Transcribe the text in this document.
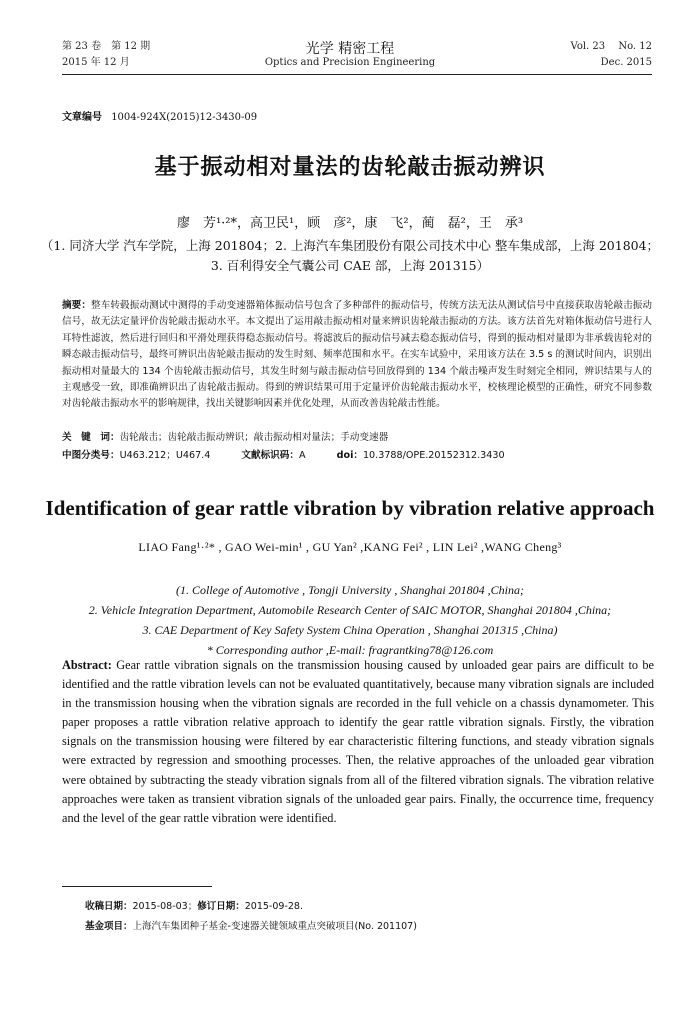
第 23 卷　第 12 期
2015 年 12 月
光学 精密工程
Optics and Precision Engineering
Vol. 23　 No. 12
Dec. 2015
文章编号 1004-924X(2015)12-3430-09
基于振动相对量法的齿轮敲击振动辨识
廖　芳¹·²*，高卫民¹，顾　彦²，康　飞²，蔺　磊²，王　承³
（1. 同济大学 汽车学院，上海 201804；2. 上海汽车集团股份有限公司技术中心 整车集成部，上海 201804；
3. 百利得安全气囊公司 CAE 部，上海 201315）
摘要：整车转毂振动测试中测得的手动变速器箱体振动信号包含了多种部件的振动信号，传统方法无法从测试信号中直接获取齿轮敲击振动信号，故无法定量评价齿轮敲击振动水平。本文提出了运用敲击振动相对量来辨识齿轮敲击振动的方法。该方法首先对箱体振动信号进行人耳特性滤波，然后进行回归和平滑处理获得稳态振动信号。将滤波后的振动信号减去稳态振动信号，得到的振动相对量即为非承载齿轮对的瞬态敲击振动信号，最终可辨识出齿轮敲击振动的发生时刻、频率范围和水平。在实车试验中，采用该方法在 3.5 s 的测试时间内，识别出振动相对量最大的 134 个齿轮敲击振动信号，其发生时刻与敲击振动信号回放得到的 134 个敲击噪声发生时刻完全相同，辨识结果与人的主观感受一致，即准确辨识出了齿轮敲击振动。得到的辨识结果可用于定量评价齿轮敲击振动水平，校核理论模型的正确性，研究不同参数对齿轮敲击振动水平的影响规律，找出关键影响因素并优化处理，从而改善齿轮敲击性能。
关　键　词：齿轮敲击；齿轮敲击振动辨识；敲击振动相对量法；手动变速器
中图分类号：U463.212；U467.4	文献标识码：A	doi：10.3788/OPE.20152312.3430
Identification of gear rattle vibration by vibration relative approach
LIAO Fang¹·²* , GAO Wei-min¹ , GU Yan² ,KANG Fei² , LIN Lei² ,WANG Cheng³
(1. College of Automotive , Tongji University , Shanghai 201804 ,China;
2. Vehicle Integration Department, Automobile Research Center of SAIC MOTOR, Shanghai 201804 ,China;
3. CAE Department of Key Safety System China Operation , Shanghai 201315 ,China)
* Corresponding author ,E-mail: fragrantking78@126.com
Abstract: Gear rattle vibration signals on the transmission housing caused by unloaded gear pairs are difficult to be identified and the rattle vibration levels can not be evaluated quantitatively, because many vibration signals are included in the transmission housing when the vibration signals are recorded in the full vehicle on a chassis dynamometer. This paper proposes a rattle vibration relative approach to identify the gear rattle vibration signals. Firstly, the vibration signals on the transmission housing were filtered by ear characteristic filtering functions, and steady vibration signals were extracted by regression and smoothing processes. Then, the relative approaches of the unloaded gear vibration were obtained by subtracting the steady vibration signals from all of the filtered vibration signals. The vibration relative approaches were taken as transient vibration signals of the unloaded gear pairs. Finally, the occurrence time, frequency and the level of the gear rattle vibration were identified.
收稿日期：2015-08-03；修订日期：2015-09-28.
基金项目：上海汽车集团种子基金-变速器关键领域重点突破项目(No. 201107)
